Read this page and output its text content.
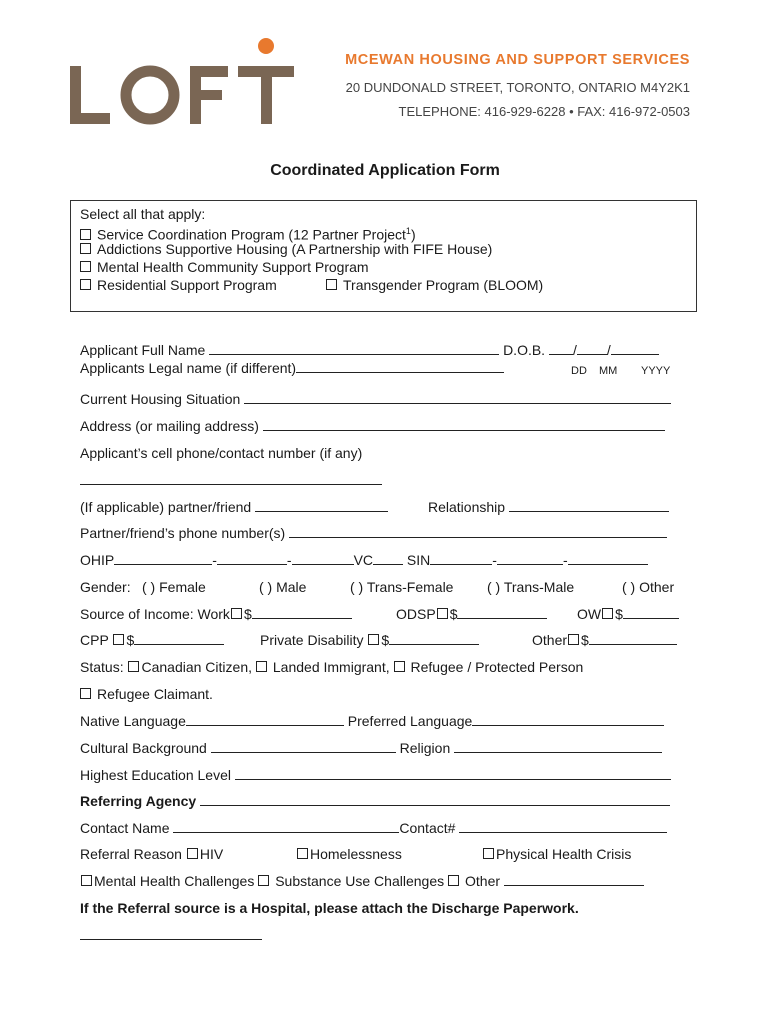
MCEWAN HOUSING AND SUPPORT SERVICES
20 DUNDONALD STREET, TORONTO, ONTARIO M4Y2K1
TELEPHONE: 416-929-6228 • FAX: 416-972-0503
Coordinated Application Form
Select all that apply:
Service Coordination Program (12 Partner Project$^1$)
Addictions Supportive Housing (A Partnership with FIFE House)
Mental Health Community Support Program
Residential Support Program	Transgender Program (BLOOM)
Applicant Full Name	D.O.B. / /
Applicants Legal name (if different)	DD MM YYYY
Current Housing Situation
Address (or mailing address)
Applicant’s cell phone/contact number (if any)
(If applicable) partner/friend	Relationship
Partner/friend’s phone number(s)
OHIP	-	-	VC SIN	-	-
Gender: ( ) Female	( ) Male	( ) Trans-Female ( ) Trans-Male	( ) Other
Source of Income: Work $	ODSP $	OW $
CPP $	Private Disability $	Other $
Status: Canadian Citizen, Landed Immigrant, Refugee / Protected Person
Refugee Claimant.
Native Language	Preferred Language
Cultural Background	Religion
Highest Education Level
Referring Agency
Contact Name	Contact#
Referral Reason HIV	Homelessness	Physical Health Crisis
Mental Health Challenges Substance Use Challenges Other
If the Referral source is a Hospital, please attach the Discharge Paperwork.
